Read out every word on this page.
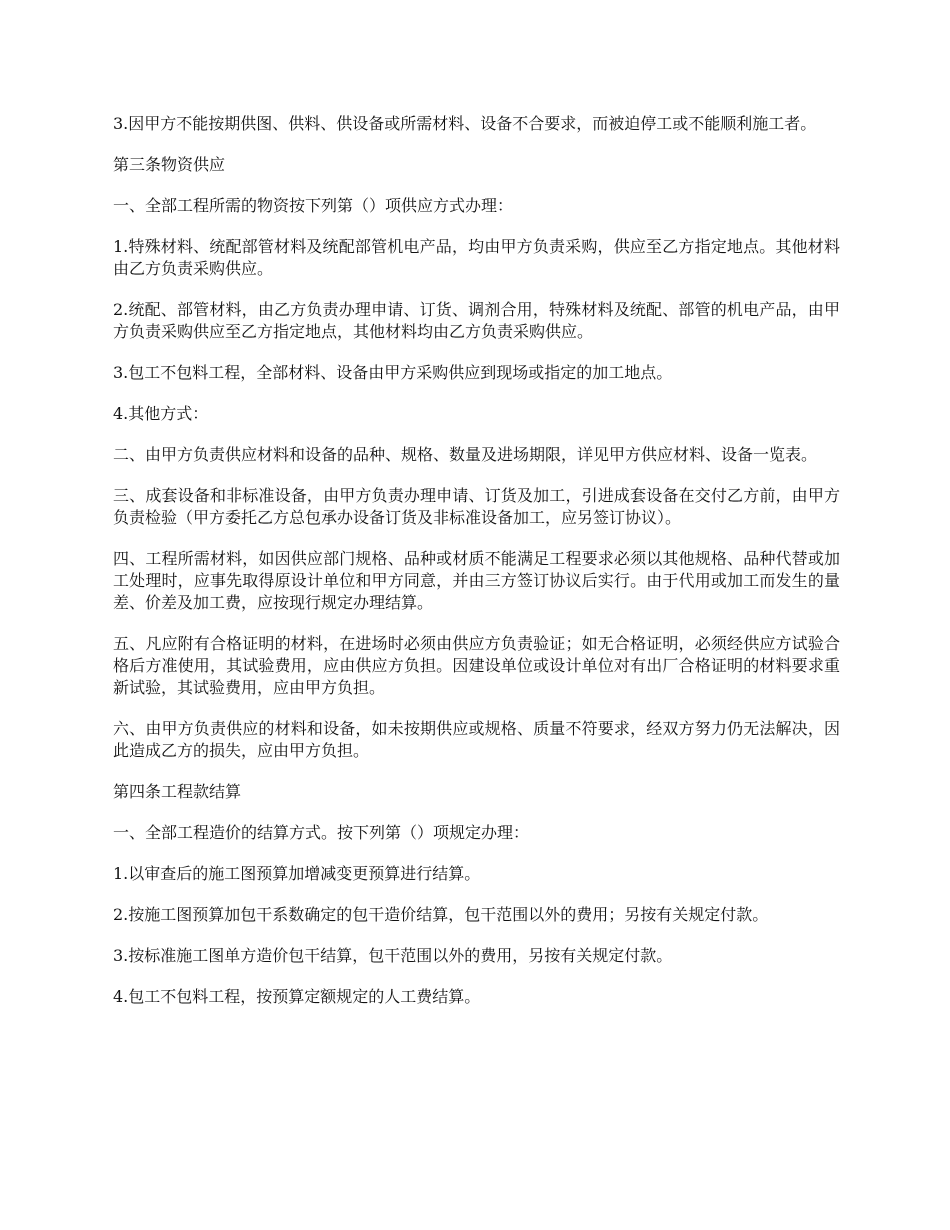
3.因甲方不能按期供图、供料、供设备或所需材料、设备不合要求，而被迫停工或不能顺利施工者。

第三条物资供应

一、全部工程所需的物资按下列第（）项供应方式办理：

1.特殊材料、统配部管材料及统配部管机电产品，均由甲方负责采购，供应至乙方指定地点。其他材料由乙方负责采购供应。

2.统配、部管材料，由乙方负责办理申请、订货、调剂合用，特殊材料及统配、部管的机电产品，由甲方负责采购供应至乙方指定地点，其他材料均由乙方负责采购供应。

3.包工不包料工程，全部材料、设备由甲方采购供应到现场或指定的加工地点。

4.其他方式：

二、由甲方负责供应材料和设备的品种、规格、数量及进场期限，详见甲方供应材料、设备一览表。

三、成套设备和非标准设备，由甲方负责办理申请、订货及加工，引进成套设备在交付乙方前，由甲方负责检验（甲方委托乙方总包承办设备订货及非标准设备加工，应另签订协议）。

四、工程所需材料，如因供应部门规格、品种或材质不能满足工程要求必须以其他规格、品种代替或加工处理时，应事先取得原设计单位和甲方同意，并由三方签订协议后实行。由于代用或加工而发生的量差、价差及加工费，应按现行规定办理结算。

五、凡应附有合格证明的材料，在进场时必须由供应方负责验证；如无合格证明，必须经供应方试验合格后方准使用，其试验费用，应由供应方负担。因建设单位或设计单位对有出厂合格证明的材料要求重新试验，其试验费用，应由甲方负担。

六、由甲方负责供应的材料和设备，如未按期供应或规格、质量不符要求，经双方努力仍无法解决，因此造成乙方的损失，应由甲方负担。

第四条工程款结算

一、全部工程造价的结算方式。按下列第（）项规定办理：

1.以审查后的施工图预算加增减变更预算进行结算。

2.按施工图预算加包干系数确定的包干造价结算，包干范围以外的费用；另按有关规定付款。

3.按标准施工图单方造价包干结算，包干范围以外的费用，另按有关规定付款。

4.包工不包料工程，按预算定额规定的人工费结算。
